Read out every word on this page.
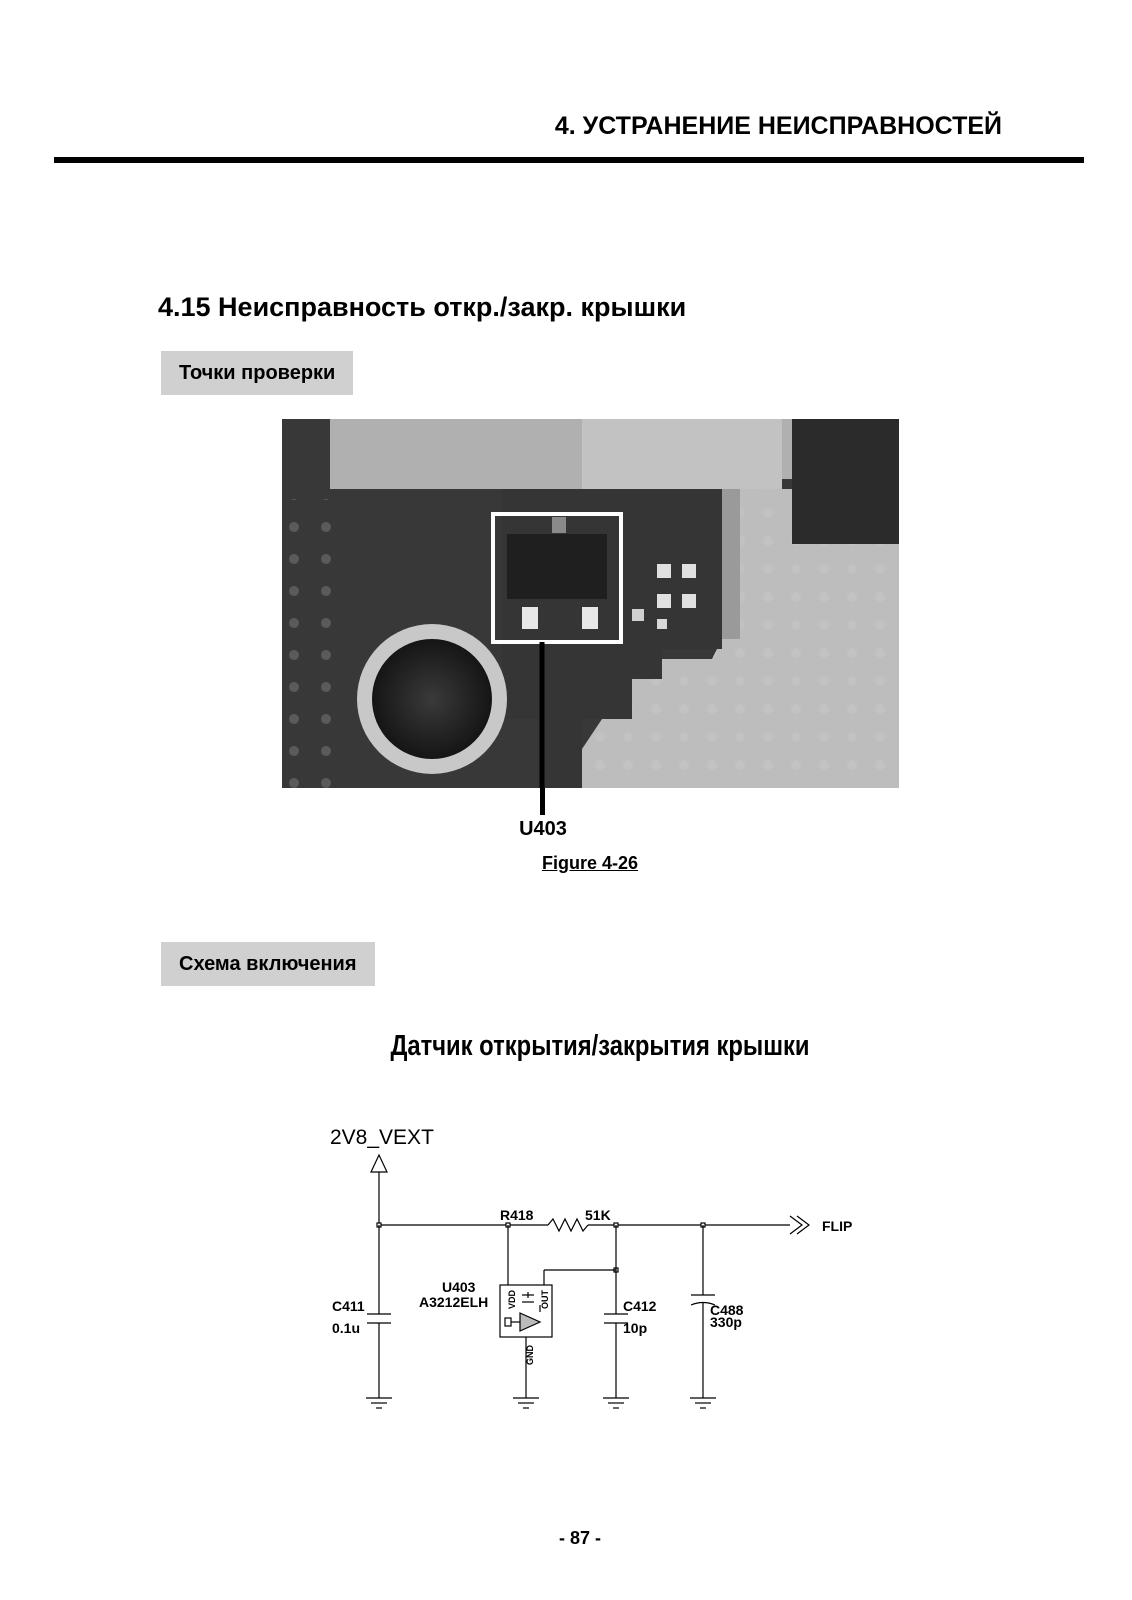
4. УСТРАНЕНИЕ НЕИСПРАВНОСТЕЙ
4.15 Неисправность откр./закр. крышки
Точки проверки
U403
Figure 4-26
Схема включения
Датчик открытия/закрытия крышки
2V8_VEXT
R418	51K
FLIP
U403
A3212ELH
C411
0.1u
C412
10p
C488
330p
VDD	OUT
GND
- 87 -
